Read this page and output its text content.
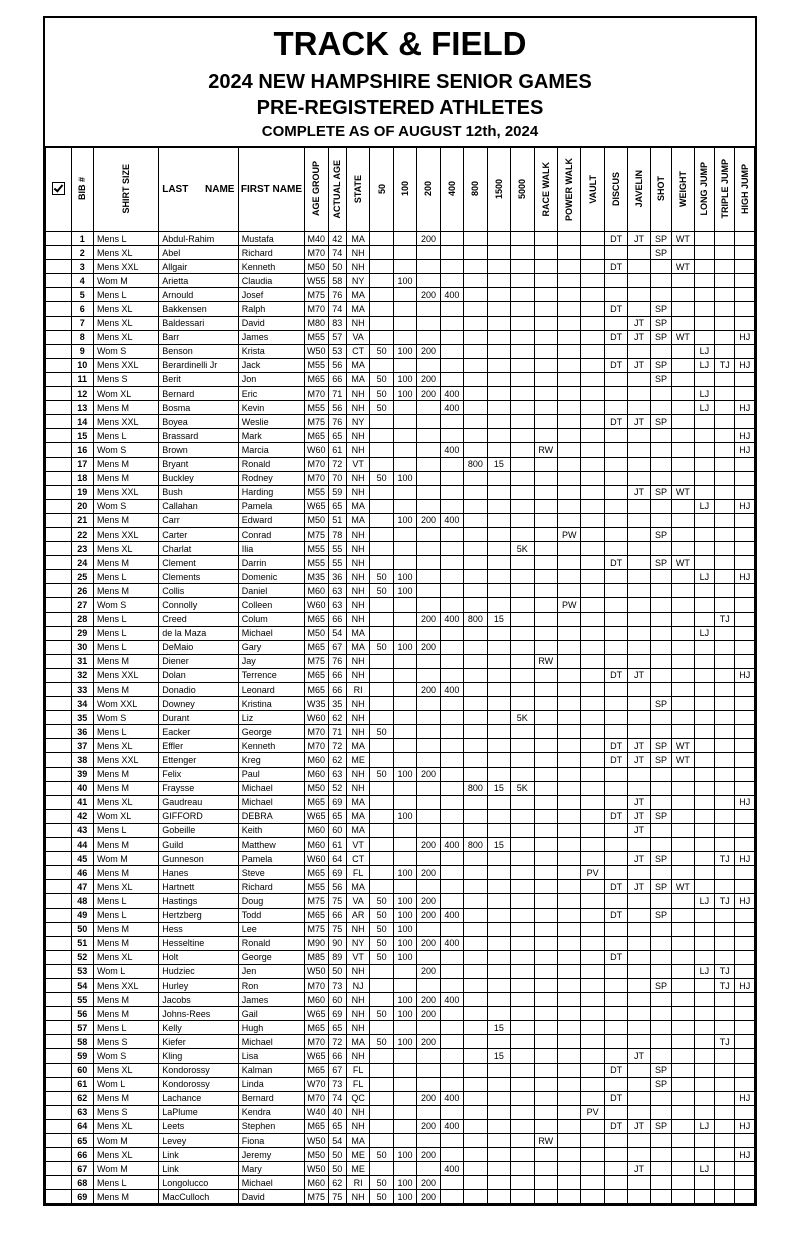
TRACK & FIELD
2024 NEW HAMPSHIRE SENIOR GAMES
PRE-REGISTERED ATHLETES
COMPLETE AS OF AUGUST 12th, 2024

	BIB #	SHIRT SIZE	LAST      NAME	FIRST NAME	AGE GROUP	ACTUAL AGE	STATE	50	100	200	400	800	1500	5000	RACE WALK	POWER WALK	VAULT	DISCUS	JAVELIN	SHOT	WEIGHT	LONG JUMP	TRIPLE JUMP	HIGH JUMP

	1	Mens L	Abdul-Rahim	Mustafa	M40	42	MA			200								DT	JT	SP	WT			
	2	Mens XL	Abel	Richard	M70	74	NH													SP				
	3	Mens XXL	Allgair	Kenneth	M50	50	NH											DT			WT			
	4	Wom M	Arietta	Claudia	W55	58	NY		100															
	5	Mens L	Arnould	Josef	M75	76	MA			200	400													
	6	Mens XL	Bakkensen	Ralph	M70	74	MA											DT		SP				
	7	Mens XL	Baldessari	David	M80	83	NH												JT	SP				
	8	Mens XL	Barr	James	M55	57	VA											DT	JT	SP	WT			HJ
	9	Wom S	Benson	Krista	W50	53	CT	50	100	200												LJ		
	10	Mens XXL	Berardinelli Jr	Jack	M55	56	MA											DT	JT	SP		LJ	TJ	HJ
	11	Mens S	Berit	Jon	M65	66	MA	50	100	200										SP				
	12	Wom XL	Bernard	Eric	M70	71	NH	50	100	200	400											LJ		
	13	Mens M	Bosma	Kevin	M55	56	NH	50			400											LJ		HJ
	14	Mens XXL	Boyea	Weslie	M75	76	NY											DT	JT	SP				
	15	Mens L	Brassard	Mark	M65	65	NH																	HJ
	16	Wom S	Brown	Marcia	W60	61	NH				400				RW									HJ
	17	Mens M	Bryant	Ronald	M70	72	VT					800	15											
	18	Mens M	Buckley	Rodney	M70	70	NH	50	100															
	19	Mens XXL	Bush	Harding	M55	59	NH												JT	SP	WT			
	20	Wom S	Callahan	Pamela	W65	65	MA															LJ		HJ
	21	Mens M	Carr	Edward	M50	51	MA		100	200	400													
	22	Mens XXL	Carter	Conrad	M75	78	NH									PW				SP				
	23	Mens XL	Charlat	Ilia	M55	55	NH							5K										
	24	Mens M	Clement	Darrin	M55	55	NH											DT		SP	WT			
	25	Mens L	Clements	Domenic	M35	36	NH	50	100													LJ		HJ
	26	Mens M	Collis	Daniel	M60	63	NH	50	100															
	27	Wom S	Connolly	Colleen	W60	63	NH									PW								
	28	Mens L	Creed	Colum	M65	66	NH			200	400	800	15										TJ	
	29	Mens L	de la Maza	Michael	M50	54	MA															LJ		
	30	Mens L	DeMaio	Gary	M65	67	MA	50	100	200														
	31	Mens M	Diener	Jay	M75	76	NH								RW									
	32	Mens XXL	Dolan	Terrence	M65	66	NH											DT	JT					HJ
	33	Mens M	Donadio	Leonard	M65	66	RI			200	400													
	34	Wom XXL	Downey	Kristina	W35	35	NH													SP				
	35	Wom S	Durant	Liz	W60	62	NH							5K										
	36	Mens L	Eacker	George	M70	71	NH	50																
	37	Mens XL	Effler	Kenneth	M70	72	MA											DT	JT	SP	WT			
	38	Mens XXL	Ettenger	Kreg	M60	62	ME											DT	JT	SP	WT			
	39	Mens M	Felix	Paul	M60	63	NH	50	100	200														
	40	Mens M	Fraysse	Michael	M50	52	NH					800	15	5K										
	41	Mens XL	Gaudreau	Michael	M65	69	MA												JT					HJ
	42	Wom XL	GIFFORD	DEBRA	W65	65	MA		100									DT	JT	SP				
	43	Mens L	Gobeille	Keith	M60	60	MA												JT					
	44	Mens M	Guild	Matthew	M60	61	VT			200	400	800	15											
	45	Wom M	Gunneson	Pamela	W60	64	CT												JT	SP			TJ	HJ
	46	Mens M	Hanes	Steve	M65	69	FL		100	200							PV							
	47	Mens XL	Hartnett	Richard	M55	56	MA											DT	JT	SP	WT			
	48	Mens L	Hastings	Doug	M75	75	VA	50	100	200												LJ	TJ	HJ
	49	Mens L	Hertzberg	Todd	M65	66	AR	50	100	200	400							DT		SP				
	50	Mens M	Hess	Lee	M75	75	NH	50	100															
	51	Mens M	Hesseltine	Ronald	M90	90	NY	50	100	200	400													
	52	Mens XL	Holt	George	M85	89	VT	50	100									DT						
	53	Wom L	Hudziec	Jen	W50	50	NH			200												LJ	TJ	
	54	Mens XXL	Hurley	Ron	M70	73	NJ													SP			TJ	HJ
	55	Mens M	Jacobs	James	M60	60	NH		100	200	400													
	56	Mens M	Johns-Rees	Gail	W65	69	NH	50	100	200														
	57	Mens L	Kelly	Hugh	M65	65	NH						15											
	58	Mens S	Kiefer	Michael	M70	72	MA	50	100	200													TJ	
	59	Wom S	Kling	Lisa	W65	66	NH						15						JT					
	60	Mens XL	Kondorossy	Kalman	M65	67	FL											DT		SP				
	61	Wom L	Kondorossy	Linda	W70	73	FL													SP				
	62	Mens M	Lachance	Bernard	M70	74	QC			200	400							DT						HJ
	63	Mens S	LaPlume	Kendra	W40	40	NH										PV							
	64	Mens XL	Leets	Stephen	M65	65	NH			200	400							DT	JT	SP		LJ		HJ
	65	Wom M	Levey	Fiona	W50	54	MA								RW									
	66	Mens XL	Link	Jeremy	M50	50	ME	50	100	200														HJ
	67	Wom M	Link	Mary	W50	50	ME				400								JT			LJ		
	68	Mens L	Longolucco	Michael	M60	62	RI	50	100	200														
	69	Mens M	MacCulloch	David	M75	75	NH	50	100	200														
